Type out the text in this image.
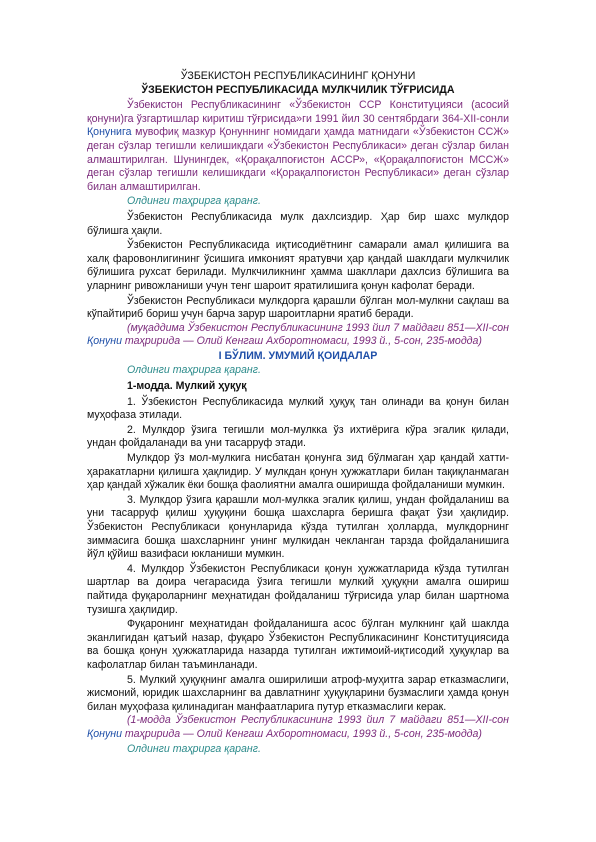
ЎЗБЕКИСТОН РЕСПУБЛИКАСИНИНГ ҚОНУНИ
ЎЗБЕКИСТОН РЕСПУБЛИКАСИДА МУЛКЧИЛИК ТЎҒРИСИДА

Ўзбекистон Республикасининг «Ўзбекистон ССР Конституцияси (асосий қонуни)га ўзгартишлар киритиш тўғрисида»ги 1991 йил 30 сентябрдаги 364-XII-сонли Қонунига мувофиқ мазкур Қонуннинг номидаги ҳамда матнидаги «Ўзбекистон ССЖ» деган сўзлар тегишли келишикдаги «Ўзбекистон Республикаси» деган сўзлар билан алмаштирилган. Шунингдек, «Қорақалпоғистон АССР», «Қорақалпоғистон МССЖ» деган сўзлар тегишли келишикдаги «Қорақалпоғистон Республикаси» деган сўзлар билан алмаштирилган.

Олдинги таҳрирга қаранг.

Ўзбекистон Республикасида мулк дахлсиздир. Ҳар бир шахс мулкдор бўлишга ҳақли.

Ўзбекистон Республикасида иқтисодиётнинг самарали амал қилишига ва халқ фаровонлигининг ўсишига имконият яратувчи ҳар қандай шаклдаги мулкчилик бўлишига рухсат берилади. Мулкчиликнинг ҳамма шакллари дахлсиз бўлишига ва уларнинг ривожланиши учун тенг шароит яратилишига қонун кафолат беради.

Ўзбекистон Республикаси мулкдорга қарашли бўлган мол-мулкни сақлаш ва кўпайтириб бориш учун барча зарур шароитларни яратиб беради.

(муқаддима Ўзбекистон Республикасининг 1993 йил 7 майдаги 851—XII-сон Қонуни таҳририда — Олий Кенгаш Ахборотномаси, 1993 й., 5-сон, 235-модда)

I БЎЛИМ. УМУМИЙ ҚОИДАЛАР
Олдинги таҳрирга қаранг.
1-модда. Мулкий ҳуқуқ

1. Ўзбекистон Республикасида мулкий ҳуқуқ тан олинади ва қонун билан муҳофаза этилади.

2. Мулкдор ўзига тегишли мол-мулкка ўз ихтиёрига кўра эгалик қилади, ундан фойдаланади ва уни тасарруф этади.

Мулкдор ўз мол-мулкига нисбатан қонунга зид бўлмаган ҳар қандай хатти-ҳаракатларни қилишга ҳақлидир. У мулкдан қонун ҳужжатлари билан тақиқланмаган ҳар қандай хўжалик ёки бошқа фаолиятни амалга оширишда фойдаланиши мумкин.

3. Мулкдор ўзига қарашли мол-мулкка эгалик қилиш, ундан фойдаланиш ва уни тасарруф қилиш ҳуқуқини бошқа шахсларга беришга фақат ўзи ҳақлидир. Ўзбекистон Республикаси қонунларида кўзда тутилган ҳолларда, мулкдорнинг зиммасига бошқа шахсларнинг унинг мулкидан чекланган тарзда фойдаланишига йўл қўйиш вазифаси юкланиши мумкин.

4. Мулкдор Ўзбекистон Республикаси қонун ҳужжатларида кўзда тутилган шартлар ва доира чегарасида ўзига тегишли мулкий ҳуқуқни амалга ошириш пайтида фуқароларнинг меҳнатидан фойдаланиш тўғрисида улар билан шартнома тузишга ҳақлидир.

Фуқаронинг меҳнатидан фойдаланишга асос бўлган мулкнинг қай шаклда эканлигидан қатъий назар, фуқаро Ўзбекистон Республикасининг Конституциясида ва бошқа қонун ҳужжатларида назарда тутилган ижтимоий-иқтисодий ҳуқуқлар ва кафолатлар билан таъминланади.

5. Мулкий ҳуқуқнинг амалга оширилиши атроф-муҳитга зарар етказмаслиги, жисмоний, юридик шахсларнинг ва давлатнинг ҳуқуқларини бузмаслиги ҳамда қонун билан муҳофаза қилинадиган манфаатларига путур етказмаслиги керак.

(1-модда Ўзбекистон Республикасининг 1993 йил 7 майдаги 851—XII-сон Қонуни таҳририда — Олий Кенгаш Ахборотномаси, 1993 й., 5-сон, 235-модда)

Олдинги таҳрирга қаранг.
